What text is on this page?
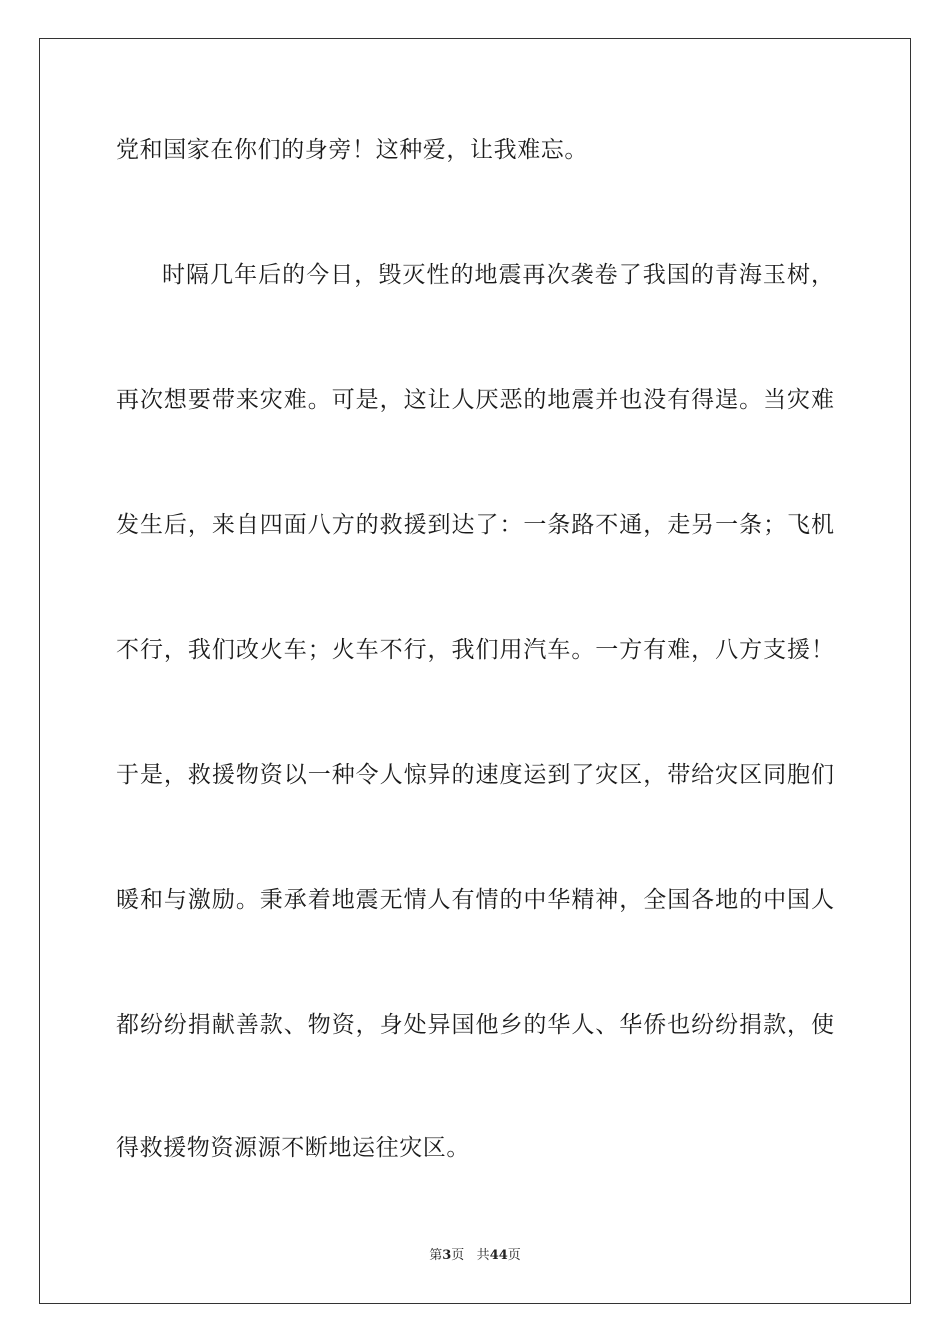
党和国家在你们的身旁！这种爱，让我难忘。
时隔几年后的今日，毁灭性的地震再次袭卷了我国的青海玉树，
再次想要带来灾难。可是，这让人厌恶的地震并也没有得逞。当灾难
发生后，来自四面八方的救援到达了：一条路不通，走另一条；飞机
不行，我们改火车；火车不行，我们用汽车。一方有难，八方支援！
于是，救援物资以一种令人惊异的速度运到了灾区，带给灾区同胞们
暖和与激励。秉承着地震无情人有情的中华精神，全国各地的中国人
都纷纷捐献善款、物资，身处异国他乡的华人、华侨也纷纷捐款，使
得救援物资源源不断地运往灾区。
第3页 共44页
